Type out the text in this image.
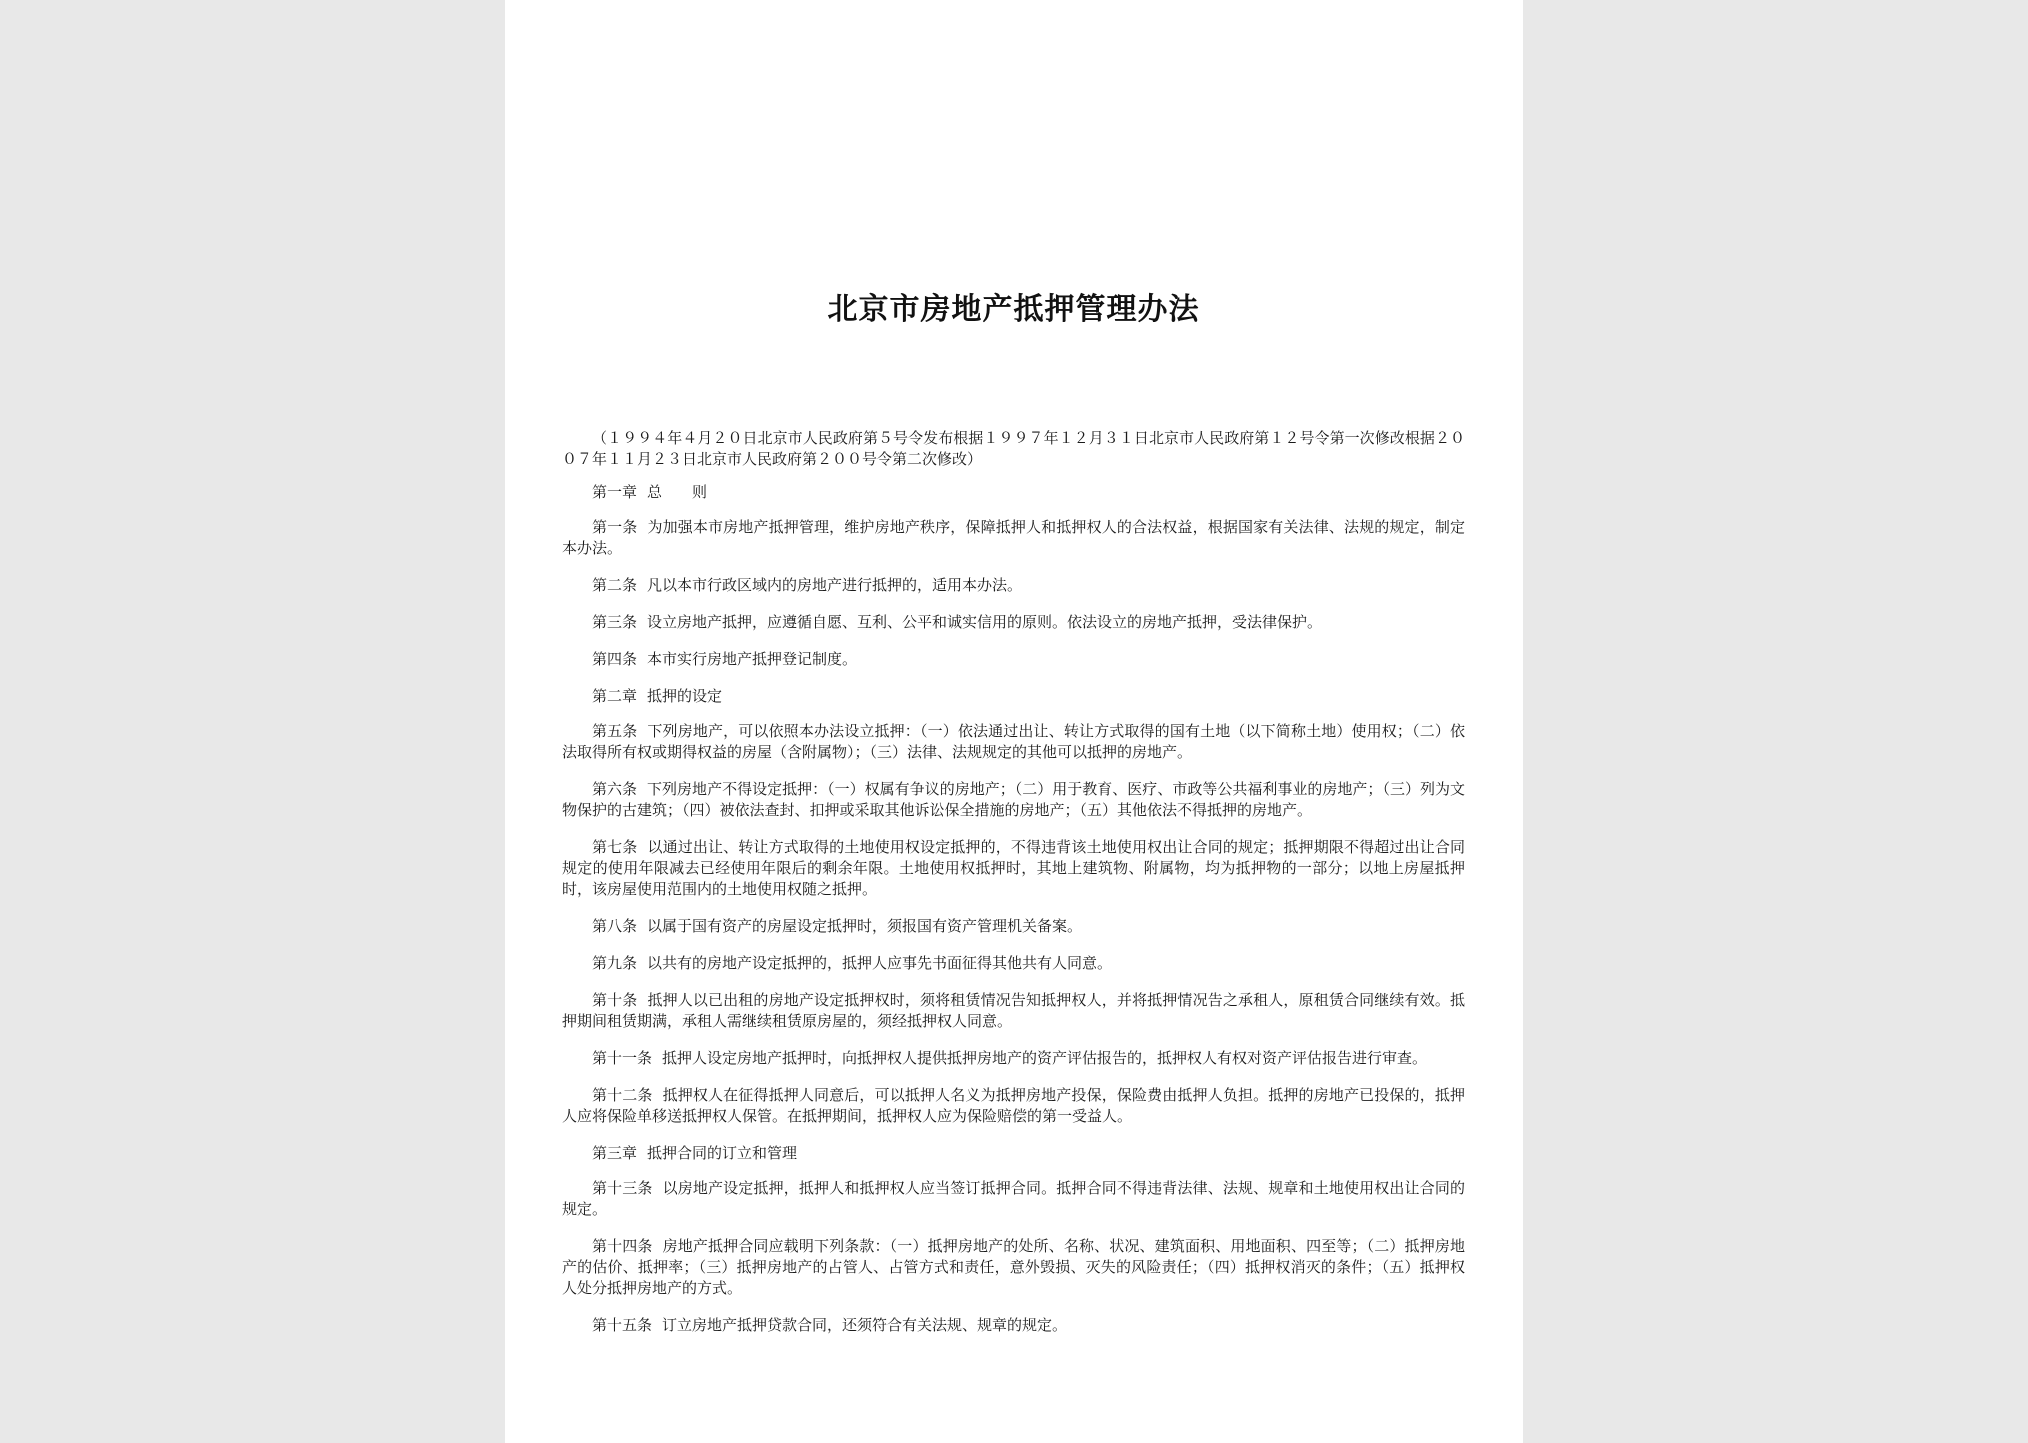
北京市房地产抵押管理办法

（１９９４年４月２０日北京市人民政府第５号令发布根据１９９７年１２月３１日北京市人民政府第１２号令第一次修改根据２００７年１１月２３日北京市人民政府第２００号令第二次修改）

第一章 总　　则

第一条 为加强本市房地产抵押管理，维护房地产秩序，保障抵押人和抵押权人的合法权益，根据国家有关法律、法规的规定，制定本办法。

第二条 凡以本市行政区域内的房地产进行抵押的，适用本办法。

第三条 设立房地产抵押，应遵循自愿、互利、公平和诚实信用的原则。依法设立的房地产抵押，受法律保护。

第四条 本市实行房地产抵押登记制度。

第二章 抵押的设定

第五条 下列房地产，可以依照本办法设立抵押：（一）依法通过出让、转让方式取得的国有土地（以下简称土地）使用权；（二）依法取得所有权或期得权益的房屋（含附属物）；（三）法律、法规规定的其他可以抵押的房地产。

第六条 下列房地产不得设定抵押：（一）权属有争议的房地产；（二）用于教育、医疗、市政等公共福利事业的房地产；（三）列为文物保护的古建筑；（四）被依法查封、扣押或采取其他诉讼保全措施的房地产；（五）其他依法不得抵押的房地产。

第七条 以通过出让、转让方式取得的土地使用权设定抵押的，不得违背该土地使用权出让合同的规定；抵押期限不得超过出让合同规定的使用年限减去已经使用年限后的剩余年限。土地使用权抵押时，其地上建筑物、附属物，均为抵押物的一部分；以地上房屋抵押时，该房屋使用范围内的土地使用权随之抵押。

第八条 以属于国有资产的房屋设定抵押时，须报国有资产管理机关备案。

第九条 以共有的房地产设定抵押的，抵押人应事先书面征得其他共有人同意。

第十条 抵押人以已出租的房地产设定抵押权时，须将租赁情况告知抵押权人，并将抵押情况告之承租人，原租赁合同继续有效。抵押期间租赁期满，承租人需继续租赁原房屋的，须经抵押权人同意。

第十一条 抵押人设定房地产抵押时，向抵押权人提供抵押房地产的资产评估报告的，抵押权人有权对资产评估报告进行审查。

第十二条 抵押权人在征得抵押人同意后，可以抵押人名义为抵押房地产投保，保险费由抵押人负担。抵押的房地产已投保的，抵押人应将保险单移送抵押权人保管。在抵押期间，抵押权人应为保险赔偿的第一受益人。

第三章 抵押合同的订立和管理

第十三条 以房地产设定抵押，抵押人和抵押权人应当签订抵押合同。抵押合同不得违背法律、法规、规章和土地使用权出让合同的规定。

第十四条 房地产抵押合同应载明下列条款：（一）抵押房地产的处所、名称、状况、建筑面积、用地面积、四至等；（二）抵押房地产的估价、抵押率；（三）抵押房地产的占管人、占管方式和责任，意外毁损、灭失的风险责任；（四）抵押权消灭的条件；（五）抵押权人处分抵押房地产的方式。

第十五条 订立房地产抵押贷款合同，还须符合有关法规、规章的规定。
